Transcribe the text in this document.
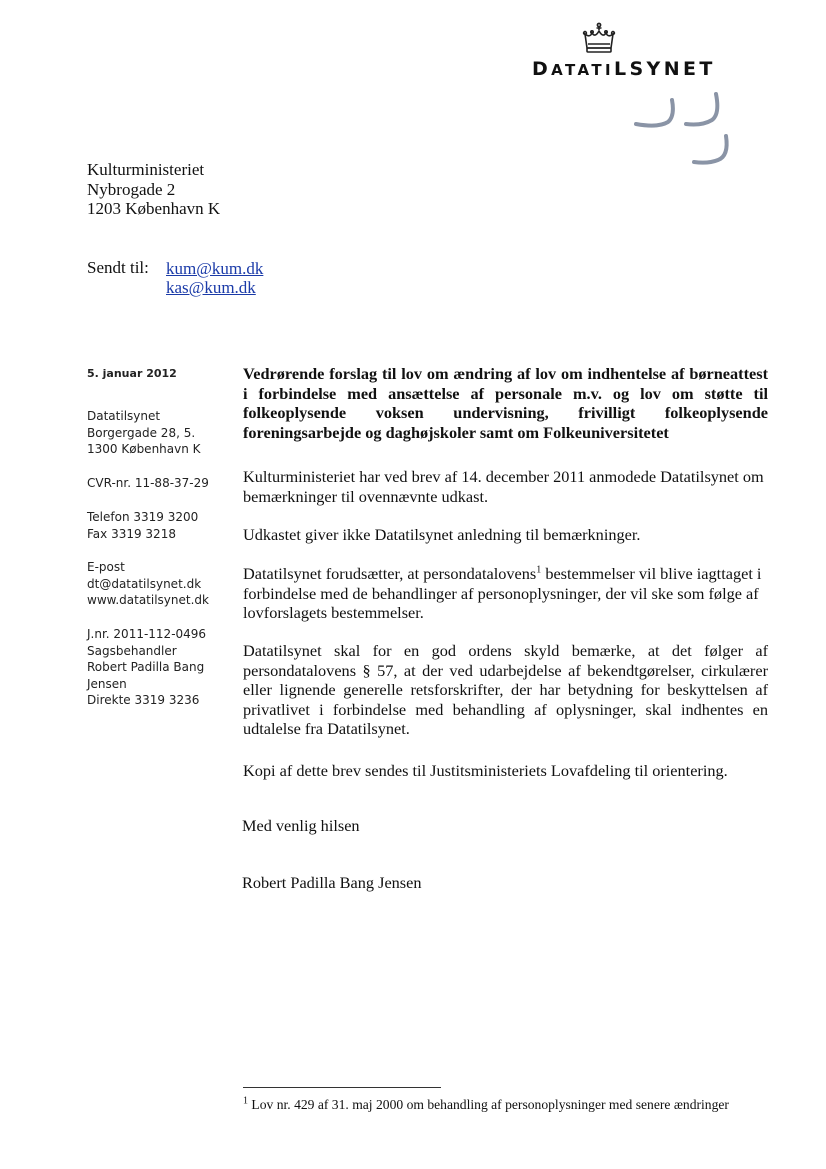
DATATILSYNET
Kulturministeriet
Nybrogade 2
1203 København K
Sendt til: kum@kum.dk
kas@kum.dk
5. januar 2012
Datatilsynet
Borgergade 28, 5.
1300 København K
CVR-nr. 11-88-37-29
Telefon 3319 3200
Fax 3319 3218
E-post
dt@datatilsynet.dk
www.datatilsynet.dk
J.nr. 2011-112-0496
Sagsbehandler
Robert Padilla Bang
Jensen
Direkte 3319 3236
Vedrørende forslag til lov om ændring af lov om indhentelse af børneattest i forbindelse med ansættelse af personale m.v. og lov om støtte til folkeoplysende voksen undervisning, frivilligt folkeoplysende foreningsarbejde og daghøjskoler samt om Folkeuniversitetet
Kulturministeriet har ved brev af 14. december 2011 anmodede Datatilsynet om bemærkninger til ovennævnte udkast.
Udkastet giver ikke Datatilsynet anledning til bemærkninger.
Datatilsynet forudsætter, at persondatalovens$^1$ bestemmelser vil blive iagttaget i forbindelse med de behandlinger af personoplysninger, der vil ske som følge af lovforslagets bestemmelser.
Datatilsynet skal for en god ordens skyld bemærke, at det følger af persondatalovens § 57, at der ved udarbejdelse af bekendtgørelser, cirkulærer eller lignende generelle retsforskrifter, der har betydning for beskyttelsen af privatlivet i forbindelse med behandling af oplysninger, skal indhentes en udtalelse fra Datatilsynet.
Kopi af dette brev sendes til Justitsministeriets Lovafdeling til orientering.
Med venlig hilsen
Robert Padilla Bang Jensen
$^1$ Lov nr. 429 af 31. maj 2000 om behandling af personoplysninger med senere ændringer
